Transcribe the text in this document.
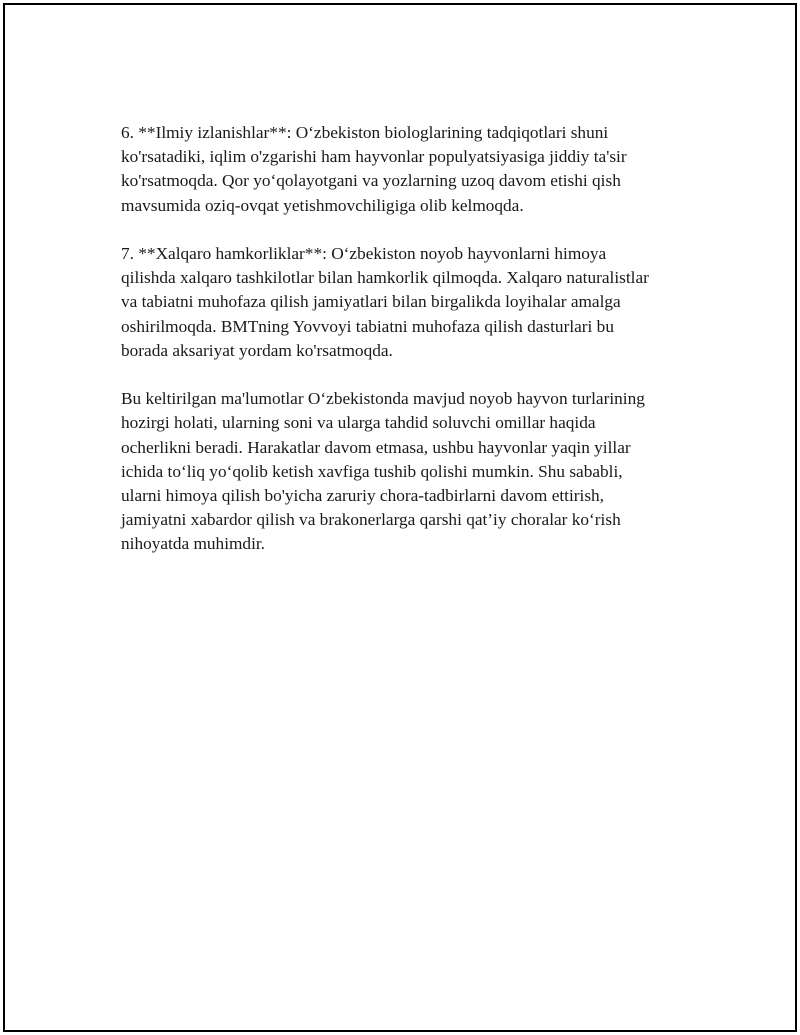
6. **Ilmiy izlanishlar**: O‘zbekiston biologlarining tadqiqotlari shuni
ko'rsatadiki, iqlim o'zgarishi ham hayvonlar populyatsiyasiga jiddiy ta'sir
ko'rsatmoqda. Qor yo‘qolayotgani va yozlarning uzoq davom etishi qish
mavsumida oziq-ovqat yetishmovchiligiga olib kelmoqda.

7. **Xalqaro hamkorliklar**: O‘zbekiston noyob hayvonlarni himoya
qilishda xalqaro tashkilotlar bilan hamkorlik qilmoqda. Xalqaro naturalistlar
va tabiatni muhofaza qilish jamiyatlari bilan birgalikda loyihalar amalga
oshirilmoqda. BMTning Yovvoyi tabiatni muhofaza qilish dasturlari bu
borada aksariyat yordam ko'rsatmoqda.

Bu keltirilgan ma'lumotlar O‘zbekistonda mavjud noyob hayvon turlarining
hozirgi holati, ularning soni va ularga tahdid soluvchi omillar haqida
ocherlikni beradi. Harakatlar davom etmasa, ushbu hayvonlar yaqin yillar
ichida to‘liq yo‘qolib ketish xavfiga tushib qolishi mumkin. Shu sababli,
ularni himoya qilish bo'yicha zaruriy chora-tadbirlarni davom ettirish,
jamiyatni xabardor qilish va brakonerlarga qarshi qat’iy choralar ko‘rish
nihoyatda muhimdir.
